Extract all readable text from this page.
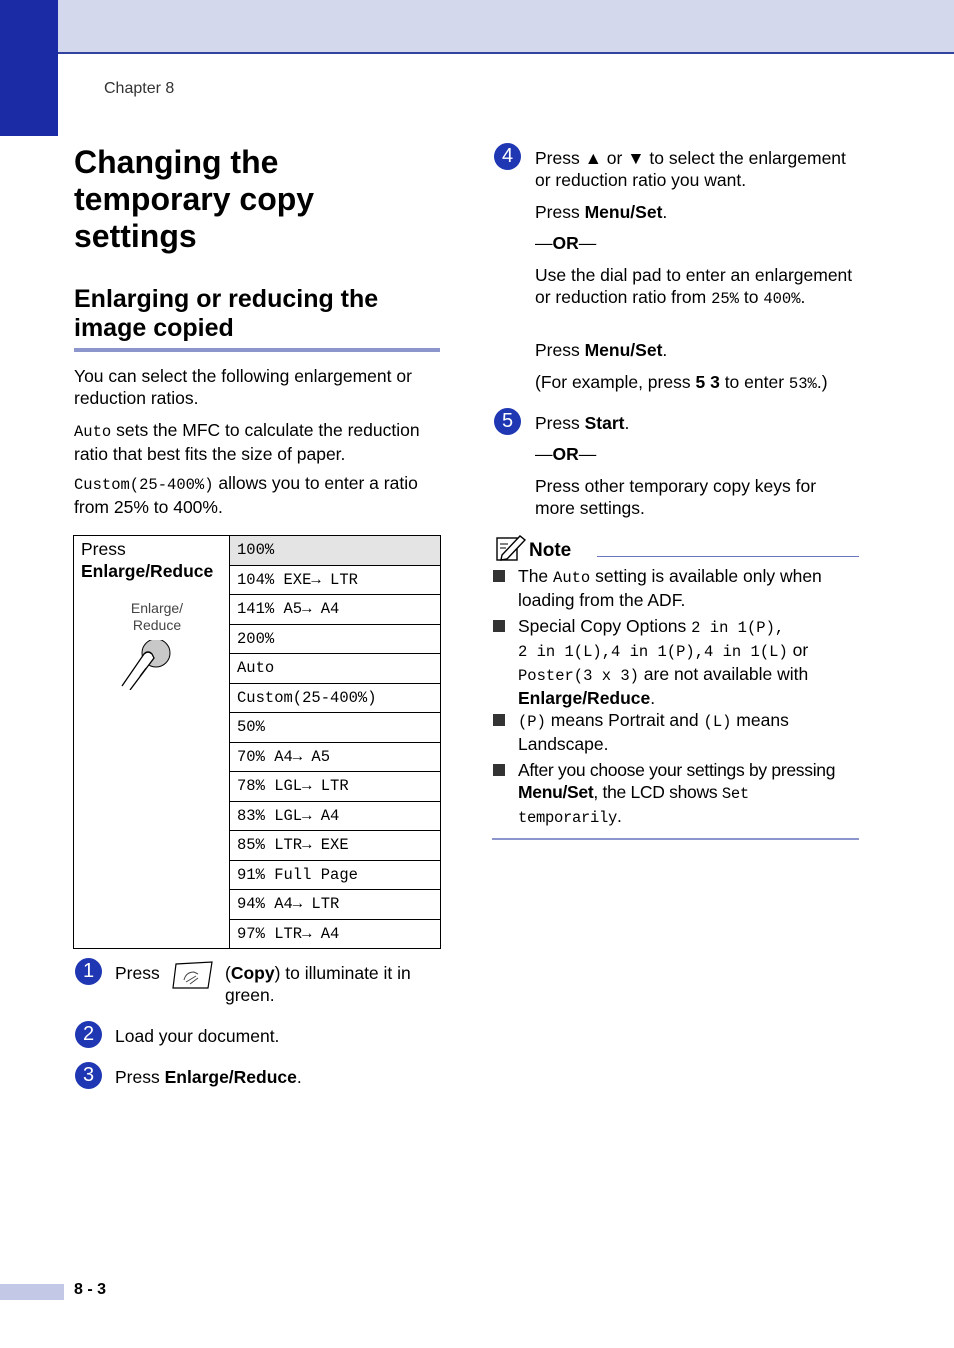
Chapter 8
Changing the temporary copy settings
Enlarging or reducing the image copied

You can select the following enlargement or reduction ratios.

Auto sets the MFC to calculate the reduction ratio that best fits the size of paper.

Custom(25-400%) allows you to enter a ratio from 25% to 400%.

Press
Enlarge/Reduce
Enlarge/
Reduce
	100%
104% EXE→ LTR
141% A5→ A4
200%
Auto
Custom(25-400%)
50%
70% A4→ A5
78% LGL→ LTR
83% LGL→ A4
85% LTR→ EXE
91% Full Page
94% A4→ LTR
97% LTR→ A4
1	Press	(Copy) to illuminate it in green.

2	Load your document.

3	Press Enlarge/Reduce.

4	Press ▲ or ▼ to select the enlargement or reduction ratio you want.

Press Menu/Set.

—OR—

Use the dial pad to enter an enlargement or reduction ratio from 25% to 400%.

Press Menu/Set.

(For example, press 5 3 to enter 53%.)

5	Press Start.

—OR—

Press other temporary copy keys for more settings.

Note

The Auto setting is available only when loading from the ADF.

Special Copy Options 2 in 1(P),
2 in 1(L),4 in 1(P),4 in 1(L) or
Poster(3 x 3) are not available with
Enlarge/Reduce.

(P) means Portrait and (L) means Landscape.

After you choose your settings by pressing
Menu/Set, the LCD shows Set
temporarily.

8 - 3
